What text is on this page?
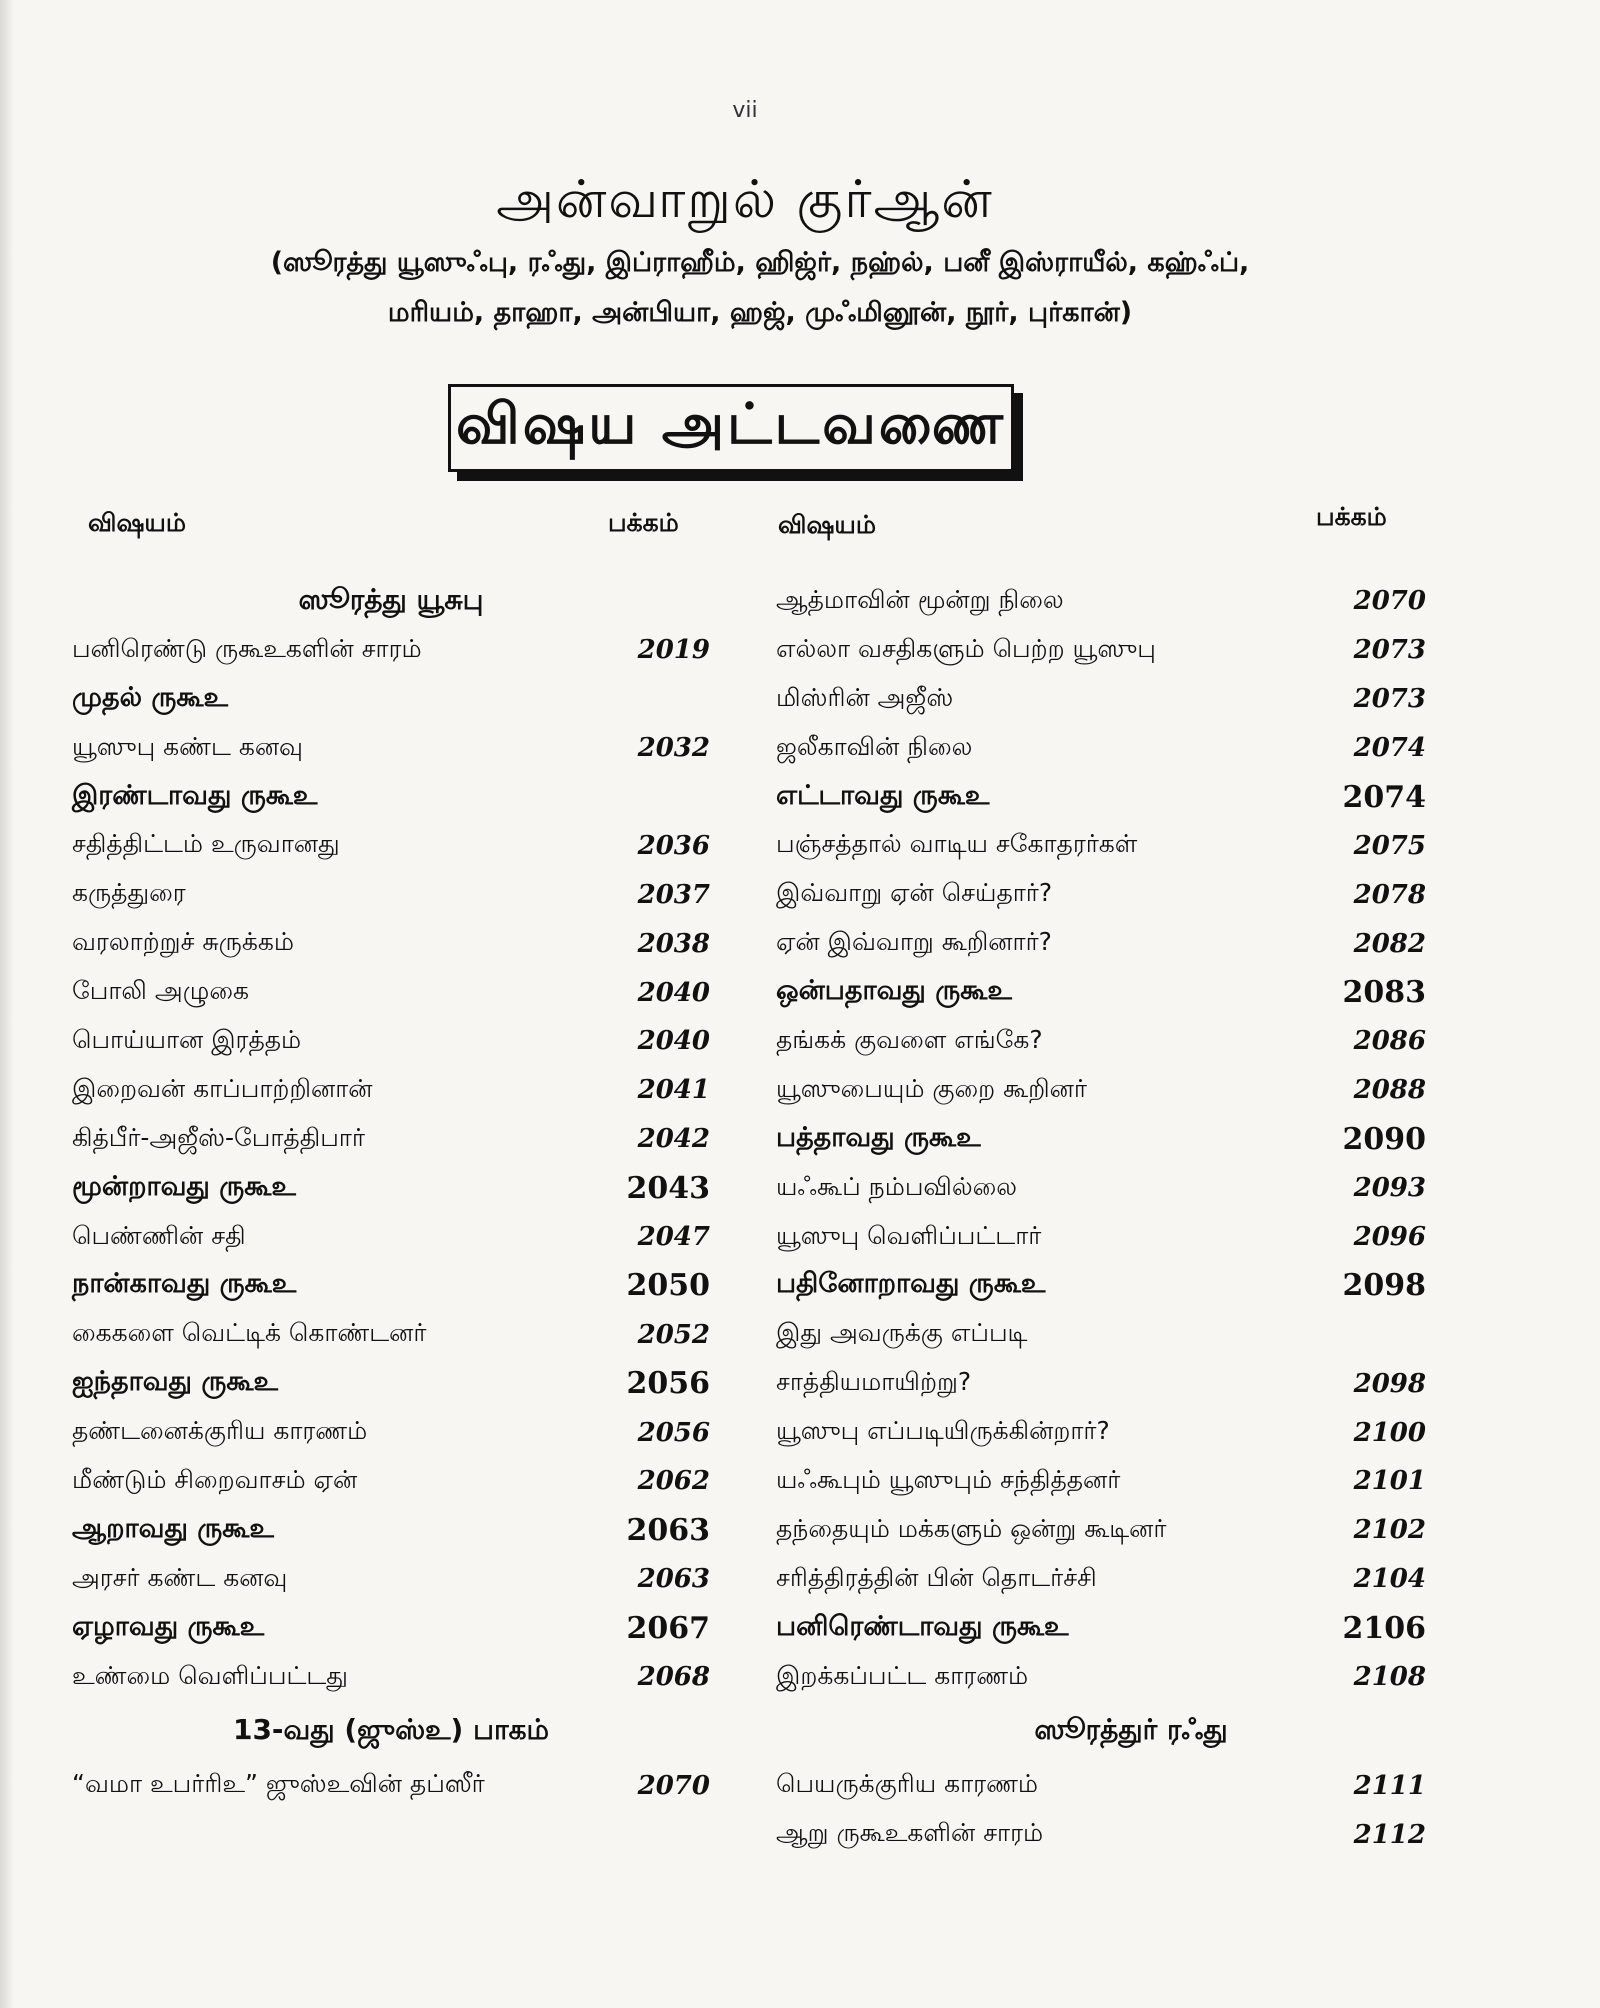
vii
அன்வாறுல் குர்ஆன்
(ஸூரத்து யூஸுஃபு, ரஃது, இப்ராஹீம், ஹிஜ்ர், நஹ்ல், பனீ இஸ்ராயீல், கஹ்ஃப்,
மரியம், தாஹா, அன்பியா, ஹஜ், முஃமினூன், நூர், புர்கான்)
விஷய அட்டவணை
விஷயம்	பக்கம்	விஷயம்	பக்கம்
ஸூரத்து யூசுபு
பனிரெண்டு ருகூஉகளின் சாரம்	2019
முதல் ருகூஉ
யூஸுபு கண்ட கனவு	2032
இரண்டாவது ருகூஉ
சதித்திட்டம் உருவானது	2036
கருத்துரை	2037
வரலாற்றுச் சுருக்கம்	2038
போலி அழுகை	2040
பொய்யான இரத்தம்	2040
இறைவன் காப்பாற்றினான்	2041
கித்பீர்-அஜீஸ்-போத்திபார்	2042
மூன்றாவது ருகூஉ	2043
பெண்ணின் சதி	2047
நான்காவது ருகூஉ	2050
கைகளை வெட்டிக் கொண்டனர்	2052
ஐந்தாவது ருகூஉ	2056
தண்டனைக்குரிய காரணம்	2056
மீண்டும் சிறைவாசம் ஏன்	2062
ஆறாவது ருகூஉ	2063
அரசர் கண்ட கனவு	2063
ஏழாவது ருகூஉ	2067
உண்மை வெளிப்பட்டது	2068
13-வது (ஜுஸ்உ) பாகம்
“வமா உபர்ரிஉ” ஜுஸ்உவின் தப்ஸீர்	2070
ஆத்மாவின் மூன்று நிலை	2070
எல்லா வசதிகளும் பெற்ற யூஸுபு	2073
மிஸ்ரின் அஜீஸ்	2073
ஜலீகாவின் நிலை	2074
எட்டாவது ருகூஉ	2074
பஞ்சத்தால் வாடிய சகோதரர்கள்	2075
இவ்வாறு ஏன் செய்தார்?	2078
ஏன் இவ்வாறு கூறினார்?	2082
ஒன்பதாவது ருகூஉ	2083
தங்கக் குவளை எங்கே?	2086
யூஸுபையும் குறை கூறினர்	2088
பத்தாவது ருகூஉ	2090
யஃகூப் நம்பவில்லை	2093
யூஸுபு வெளிப்பட்டார்	2096
பதினோறாவது ருகூஉ	2098
இது அவருக்கு எப்படி
சாத்தியமாயிற்று?	2098
யூஸுபு எப்படியிருக்கின்றார்?	2100
யஃகூபும் யூஸுபும் சந்தித்தனர்	2101
தந்தையும் மக்களும் ஒன்று கூடினர்	2102
சரித்திரத்தின் பின் தொடர்ச்சி	2104
பனிரெண்டாவது ருகூஉ	2106
இறக்கப்பட்ட காரணம்	2108
ஸூரத்துர் ரஃது
பெயருக்குரிய காரணம்	2111
ஆறு ருகூஉகளின் சாரம்	2112
